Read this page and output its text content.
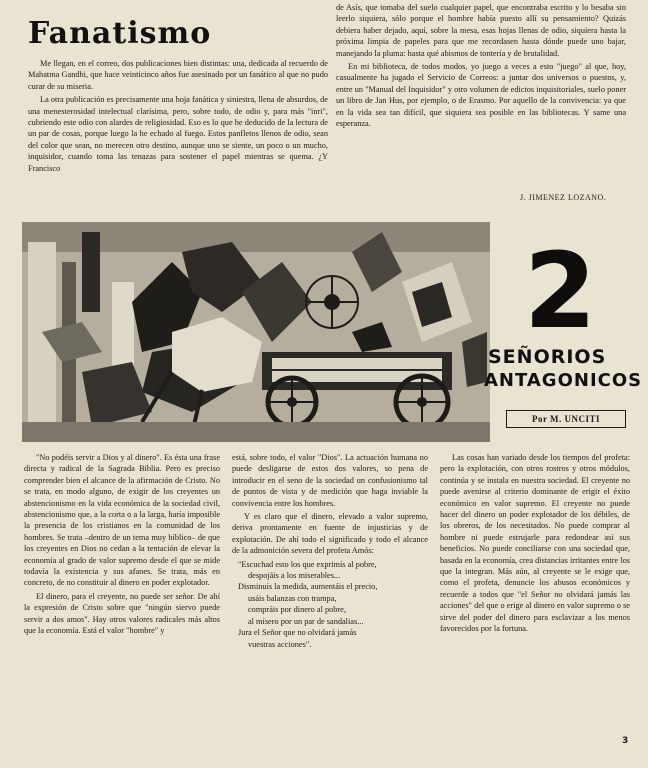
Fanatismo

Me llegan, en el correo, dos publicaciones bien distintas: una, dedicada al recuerdo de Mahatma Gandhi, que hace veinticinco años fue asesinado por un fanático al que no pudo curar de su miseria.

La otra publicación es precisamente una hoja fanática y siniestra, llena de absurdos, de una menesterosidad intelectual clarísima, pero, sobre todo, de odio y, para más "inri", cubriendo este odio con alardes de religiosidad. Eso es lo que he deducido de la lectura de un par de cosas, porque luego la he echado al fuego. Estos panfletos llenos de odio, sean del color que sean, no merecen otro destino, aunque uno se siente, un poco o un mucho, inquisidor, cuando toma las tenazas para sostener el papel mientras se quema. ¿Y Francisco

de Asís, que tomaba del suelo cualquier papel, que encontraba escrito y lo besaba sin leerlo siquiera, sólo porque el hombre había puesto allí su pensamiento? Quizás debiera haber dejado, aquí, sobre la mesa, esas hojas llenas de odio, siquiera hasta la próxima limpia de papeles para que me recordasen hasta dónde puede uno bajar, manejando la pluma: hasta qué abismos de tontería y de brutalidad.

En mi biblioteca, de todos modos, yo juego a veces a esto "juego" al que, hoy, casualmente ha jugado el Servicio de Correos: a juntar dos universos o puestos, y, entre un "Manual del Inquisidor" y otro volumen de edictos inquisitoriales, suelo poner un libro de Jan Hus, por ejemplo, o de Erasmo. Por aquello de la convivencia: ya que en la vida sea tan difícil, que siquiera sea posible en las bibliotecas. Y same una esperanza.

J. JIMENEZ LOZANO.
2
SEÑORIOS
ANTAGONICOS
Por M. UNCITI

"No podéis servir a Dios y al dinero". Es ésta una frase directa y radical de la Sagrada Biblia. Pero es preciso comprender bien el alcance de la afirmación de Cristo. No se trata, en modo alguno, de exigir de los creyentes un abstencionismo en la vida económica de la sociedad civil, abstencionismo que, a la corta o a la larga, haría imposible la presencia de los cristianos en la comunidad de los hombres. Se trata –dentro de un tema muy bíblico– de que los creyentes en Dios no cedan a la tentación de elevar la economía al grado de valor supremo desde el que se mide todavía la existencia y sus afanes. Se trata, más en concreto, de no constituir al dinero en poder explotador.

El dinero, para el creyente, no puede ser señor. De ahí la expresión de Cristo sobre que "ningún siervo puede servir a dos amos". Hay otros valores radicales más altos que la economía. Está el valor "hombre" y

está, sobre todo, el valor "Dios". La actuación humana no puede desligarse de estos dos valores, so pena de introducir en el seno de la sociedad un confusionismo tal de puntos de vista y de medición que haga inviable la convivencia entre los hombres.

Y es claro que el dinero, elevado a valor supremo, deriva prontamente en fuente de injusticias y de explotación. De ahí todo el significado y todo el alcance de la admonición severa del profeta Amós:

"Escuchad esto los que exprimís al pobre,
despojáis a los miserables...
Disminuís la medida, aumentáis el precio,
usáis balanzas con trampa,
compráis por dinero al pobre,
al mísero por un par de sandalias...
Jura el Señor que no olvidará jamás
vuestras acciones".

Las cosas han variado desde los tiempos del profeta: pero la explotación, con otros rostros y otros módulos, continúa y se instala en nuestra sociedad. El creyente no puede avenirse al criterio dominante de erigir el éxito económico en valor supremo. El creyente no puede hacer del dinero un poder explotador de los débiles, de los obreros, de los necesitados. No puede comprar al hombre ni puede estrujarle para redondear así sus beneficios. No puede conciliarse con una sociedad que, basada en la economía, crea distancias irritantes entre los que la integran. Más aún, al creyente se le exige que, como el profeta, denuncie los abusos económicos y recuerde a todos que "el Señor no olvidará jamás las acciones" del que o erige al dinero en valor supremo o se sirve del poder del dinero para esclavizar a los menos favorecidos por la fortuna.

3
